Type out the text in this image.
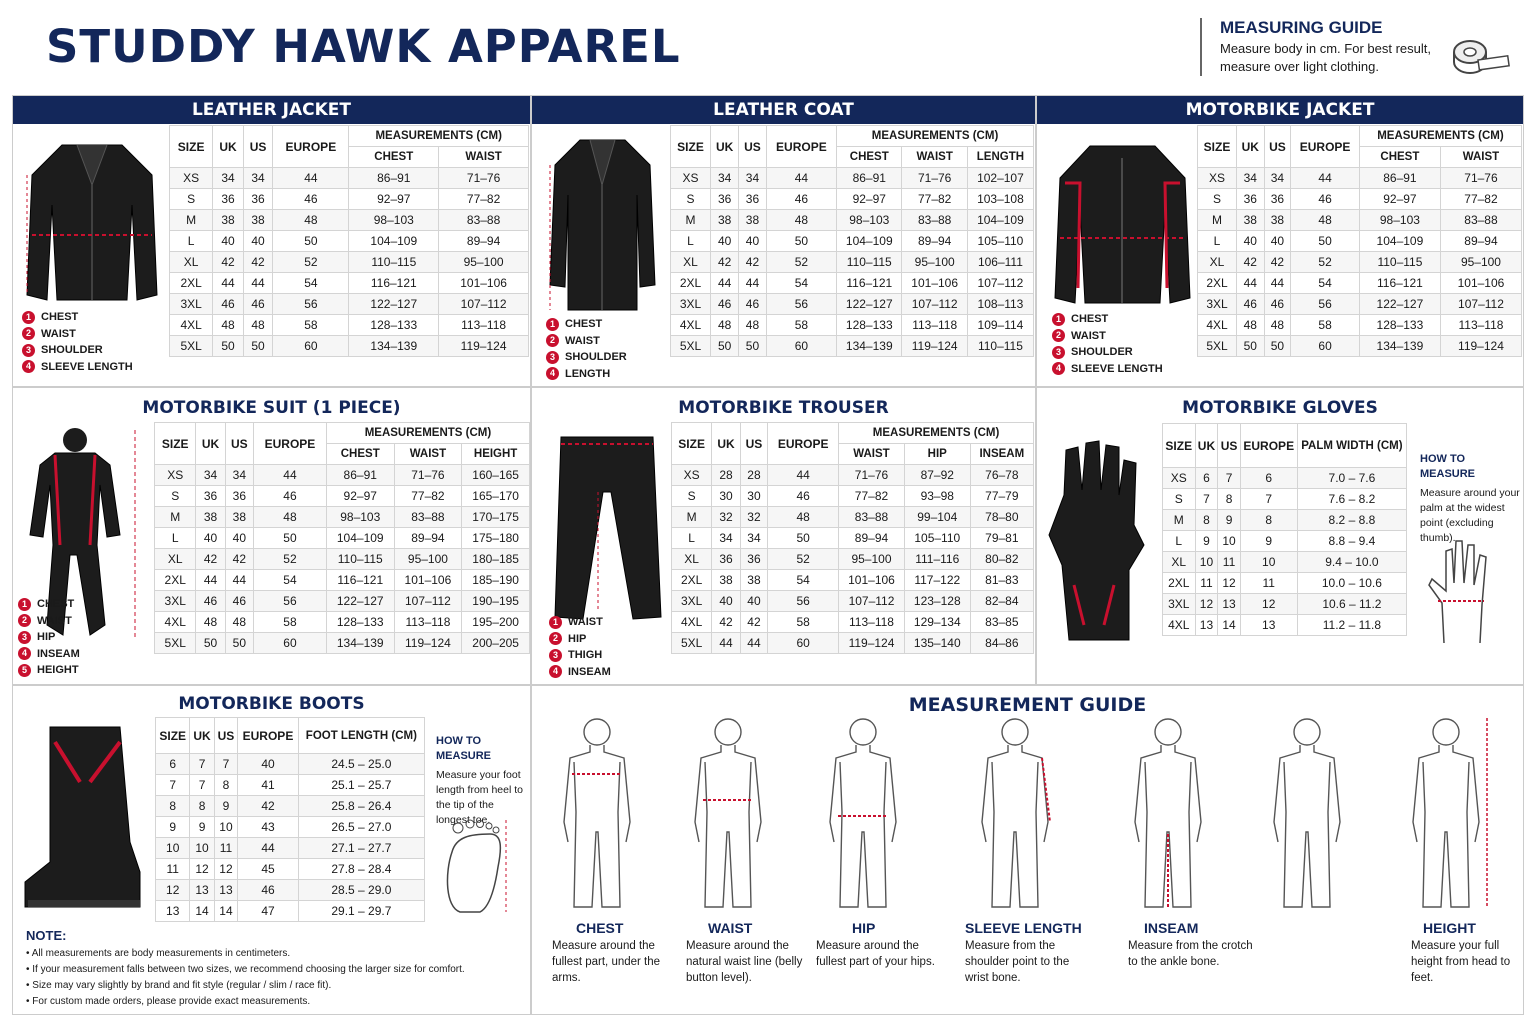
STUDDY HAWK APPAREL	MEASURING GUIDE

Measure body in cm. For best result,

measure over light clothing.

LEATHER JACKET
1 CHEST
2 WAIST
3 SHOULDER
4 SLEEVE LENGTH
SIZE	UK	US	EUROPE	MEASUREMENTS (CM)	
				CHEST	WAIST
XS	34	34	44	86–91	71–76
S	36	36	46	92–97	77–82
M	38	38	48	98–103	83–88
L	40	40	50	104–109	89–94
XL	42	42	52	110–115	95–100
2XL	44	44	54	116–121	101–106
3XL	46	46	56	122–127	107–112
4XL	48	48	58	128–133	113–118
5XL	50	50	60	134–139	119–124
LEATHER COAT
1 CHEST
2 WAIST
3 SHOULDER
4 LENGTH
SIZE	UK	US	EUROPE	MEASUREMENTS (CM)		
				CHEST	WAIST	LENGTH
XS	34	34	44	86–91	71–76	102–107
S	36	36	46	92–97	77–82	103–108
M	38	38	48	98–103	83–88	104–109
L	40	40	50	104–109	89–94	105–110
XL	42	42	52	110–115	95–100	106–111
2XL	44	44	54	116–121	101–106	107–112
3XL	46	46	56	122–127	107–112	108–113
4XL	48	48	58	128–133	113–118	109–114
5XL	50	50	60	134–139	119–124	110–115
MOTORBIKE JACKET
1 CHEST
2 WAIST
3 SHOULDER
4 SLEEVE LENGTH
SIZE	UK	US	EUROPE	MEASUREMENTS (CM)	
				CHEST	WAIST
XS	34	34	44	86–91	71–76
S	36	36	46	92–97	77–82
M	38	38	48	98–103	83–88
L	40	40	50	104–109	89–94
XL	42	42	52	110–115	95–100
2XL	44	44	54	116–121	101–106
3XL	46	46	56	122–127	107–112
4XL	48	48	58	128–133	113–118
5XL	50	50	60	134–139	119–124
MOTORBIKE SUIT (1 PIECE)
1 CHEST
2 WAIST
3 HIP
4 INSEAM
5 HEIGHT
SIZE	UK	US	EUROPE	MEASUREMENTS (CM)		
				CHEST	WAIST	HEIGHT
XS	34	34	44	86–91	71–76	160–165
S	36	36	46	92–97	77–82	165–170
M	38	38	48	98–103	83–88	170–175
L	40	40	50	104–109	89–94	175–180
XL	42	42	52	110–115	95–100	180–185
2XL	44	44	54	116–121	101–106	185–190
3XL	46	46	56	122–127	107–112	190–195
4XL	48	48	58	128–133	113–118	195–200
5XL	50	50	60	134–139	119–124	200–205
MOTORBIKE TROUSER
1 WAIST
2 HIP
3 THIGH
4 INSEAM
SIZE	UK	US	EUROPE	MEASUREMENTS (CM)		
				WAIST	HIP	INSEAM
XS	28	28	44	71–76	87–92	76–78
S	30	30	46	77–82	93–98	77–79
M	32	32	48	83–88	99–104	78–80
L	34	34	50	89–94	105–110	79–81
XL	36	36	52	95–100	111–116	80–82
2XL	38	38	54	101–106	117–122	81–83
3XL	40	40	56	107–112	123–128	82–84
4XL	42	42	58	113–118	129–134	83–85
5XL	44	44	60	119–124	135–140	84–86
MOTORBIKE GLOVES
SIZE	UK	US	EUROPE	PALM WIDTH (CM)
XS	6	7	6	7.0 – 7.6
S	7	8	7	7.6 – 8.2
M	8	9	8	8.2 – 8.8
L	9	10	9	8.8 – 9.4
XL	10	11	10	9.4 – 10.0
2XL	11	12	11	10.0 – 10.6
3XL	12	13	12	10.6 – 11.2
4XL	13	14	13	11.2 – 11.8
HOW TO MEASURE
Measure around your palm at the widest point (excluding thumb).
MOTORBIKE BOOTS
SIZE	UK	US	EUROPE	FOOT LENGTH (CM)
6	7	7	40	24.5 – 25.0
7	7	8	41	25.1 – 25.7
8	8	9	42	25.8 – 26.4
9	9	10	43	26.5 – 27.0
10	10	11	44	27.1 – 27.7
11	12	12	45	27.8 – 28.4
12	13	13	46	28.5 – 29.0
13	14	14	47	29.1 – 29.7
HOW TO MEASURE
Measure your foot length from heel to the tip of the longest toe.
NOTE:
• All measurements are body measurements in centimeters.
• If your measurement falls between two sizes, we recommend choosing the larger size for comfort.
• Size may vary slightly by brand and fit style (regular / slim / race fit).
• For custom made orders, please provide exact measurements.
MEASUREMENT GUIDE
CHEST
Measure around the fullest part, under the arms.
WAIST
Measure around the natural waist line (belly button level).
HIP
Measure around the fullest part of your hips.
SLEEVE LENGTH
Measure from the shoulder point to the wrist bone.
INSEAM
Measure from the crotch to the ankle bone.
HEIGHT
Measure your full height from head to feet.
